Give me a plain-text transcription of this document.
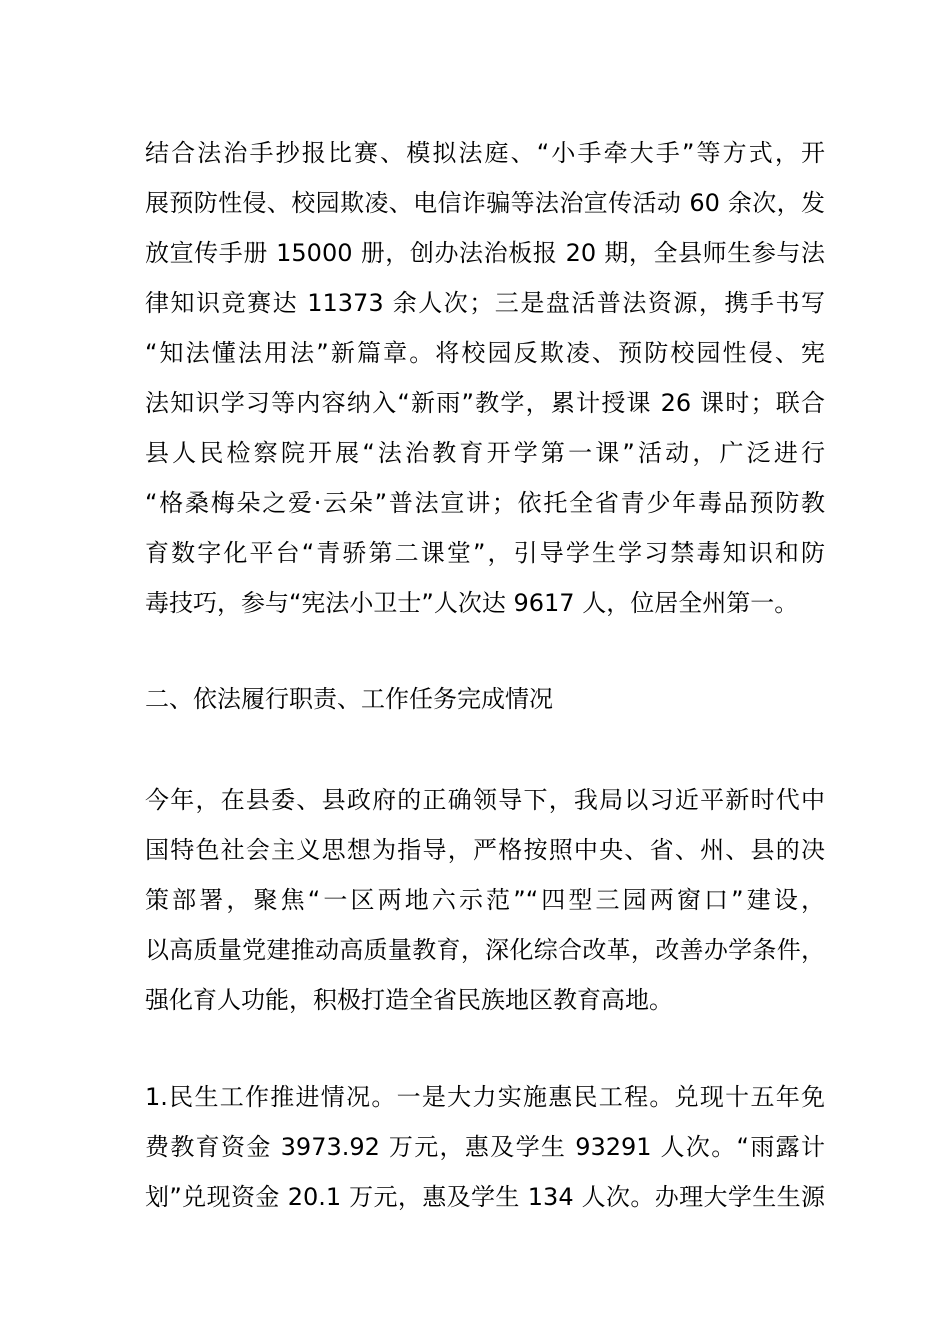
结合法治手抄报比赛、模拟法庭、“小手牵大手”等方式，开
展预防性侵、校园欺凌、电信诈骗等法治宣传活动 60 余次，发
放宣传手册 15000 册，创办法治板报 20 期，全县师生参与法
律知识竞赛达 11373 余人次；三是盘活普法资源，携手书写
“知法懂法用法”新篇章。将校园反欺凌、预防校园性侵、宪
法知识学习等内容纳入“新雨”教学，累计授课 26 课时；联合
县人民检察院开展“法治教育开学第一课”活动，广泛进行
“格桑梅朵之爱·云朵”普法宣讲；依托全省青少年毒品预防教
育数字化平台“青骄第二课堂”，引导学生学习禁毒知识和防
毒技巧，参与“宪法小卫士”人次达 9617 人，位居全州第一。
二、依法履行职责、工作任务完成情况
今年，在县委、县政府的正确领导下，我局以习近平新时代中
国特色社会主义思想为指导，严格按照中央、省、州、县的决
策部署，聚焦“一区两地六示范”“四型三园两窗口”建设，
以高质量党建推动高质量教育，深化综合改革，改善办学条件，
强化育人功能，积极打造全省民族地区教育高地。
1.民生工作推进情况。一是大力实施惠民工程。兑现十五年免
费教育资金 3973.92 万元，惠及学生 93291 人次。“雨露计
划”兑现资金 20.1 万元，惠及学生 134 人次。办理大学生生源
